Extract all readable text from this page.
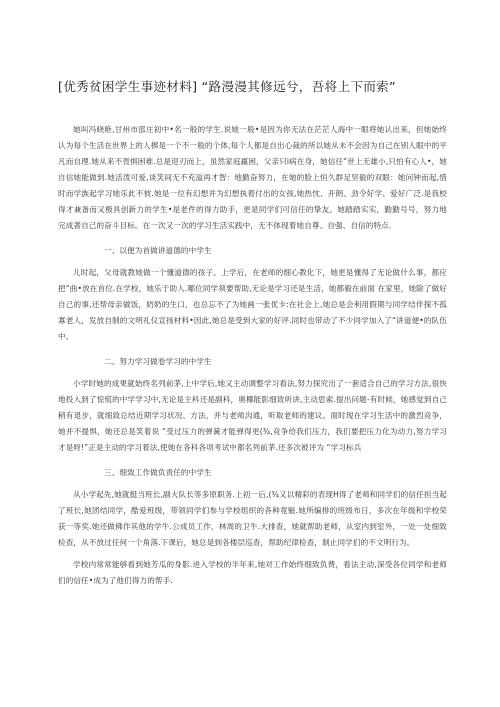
[优秀贫困学生事迹材料] “路漫漫其修远兮，吾将上下而索”

她叫冯晓艳,甘州市邵庄初中•名一般的学生.说她一般•是因为你无法在茫茫人海中一眼将她认出来，但她始终认为每个生活在世界上的人梆是一个不一般的个体,每个人都是自出心裁的所以她从未不会因为自己在别人眼中的平凡而自理.她从来不畏惧困难.总是迎刃而上，虽然家庭羸困，父亲只i病在身，她信任“世上无雄小,只怕有心人•，她自信她能做到.她活泼可爱,谈笑间无不充溢再才智：地勤奋努力，在她的脸上恒久群足坚毅的双眼：她问钟而起,惜时而学族起学习她乐此不彼.她是一位有幻想并为幻想执着付出的女孩,她热忱、开朗、劲令好学、爱好广泛.是我校得才兼备而又极具创新力的学生•是老件的得力助手，更是同学们可信任的挚友。她踏踏实实，勤勤号号，努力地完成著自己的奋斗目标。在一次又一次的学习生活实践中，无不体现着她自尊、自强、自信的特点.

一、以便为首做讲道德的中学生

儿时起，父母就教她做一个懂道德的孩子。上学后，在老师的细心教化下，她更是懂得了无论做什么事，都应把“曲•放在首位.在学校，她乐于助人.哪位同学须要帮助,无论是学习还是生活，她都毅在前面 在家里，她除了做好自己的事,还帮母亲做饭，奶奶的生口，也总忘不了为她画一张优卡:在社会上,她总是会利用假期与同学结伴探不孤寡老人，发放自制的文明礼仪宣扬材料•因此,她总是受到大家的好评.同时也带动了不少同学加入了“讲道便•的队伍中。

二、努力学习做卷学习的中学生

小学时她的成果就始终名列前茅,上中学后,她又主动调整学习看法,努力探究出了一套适合自己的学习方法,很快地投入到了惊慌的中学学习中,无论是主科还是副科，奥椰能影细致听讲,主动思索.提出问题-有时候，她感觉到自己稍有退步，就细致总结近期学习状况、方法，并与老师沟通，听取老师的建议。面时现在学习生活中的激烈竞争，她并不提惧，她还总是笑着说 “受过压力的弹簧才能弹得更(¾,竞争给我们压力，我们要把压力化为动力,努力学习才是呀!”正是主动的学习着法,使她在各科各项考试中都名列前茅.还多次被评为 “学习标兵

三、细致工作做负责任的中学生

从小学起先,她就挺当班长,副大队长等多原职务.上初一后,(¾又以精彩的表现H得了老师和同学们的信任担当起了班长,她团结同学，酷爱班级，带领同学们参与学校组织的各种竟魁.她所编排的班级布日，多次在年级和学校荣获一等奖.她还做佛作其他的学牛.公成员工作，林周的卫牛.大排查，她就帮助老师，从室内到室外，一处一处细致检查，从不放过任何一个角落.下课后，她总是到各楼层巡查，帮助纪律检查，制止同学们的不文明行为。

学校内常常能够看到她芳瓜的身影.进入学校的半年来,她对工作始终细致负费，看法主动,深受各位同学和老师们的信任•成为了他们得力的帮手.
